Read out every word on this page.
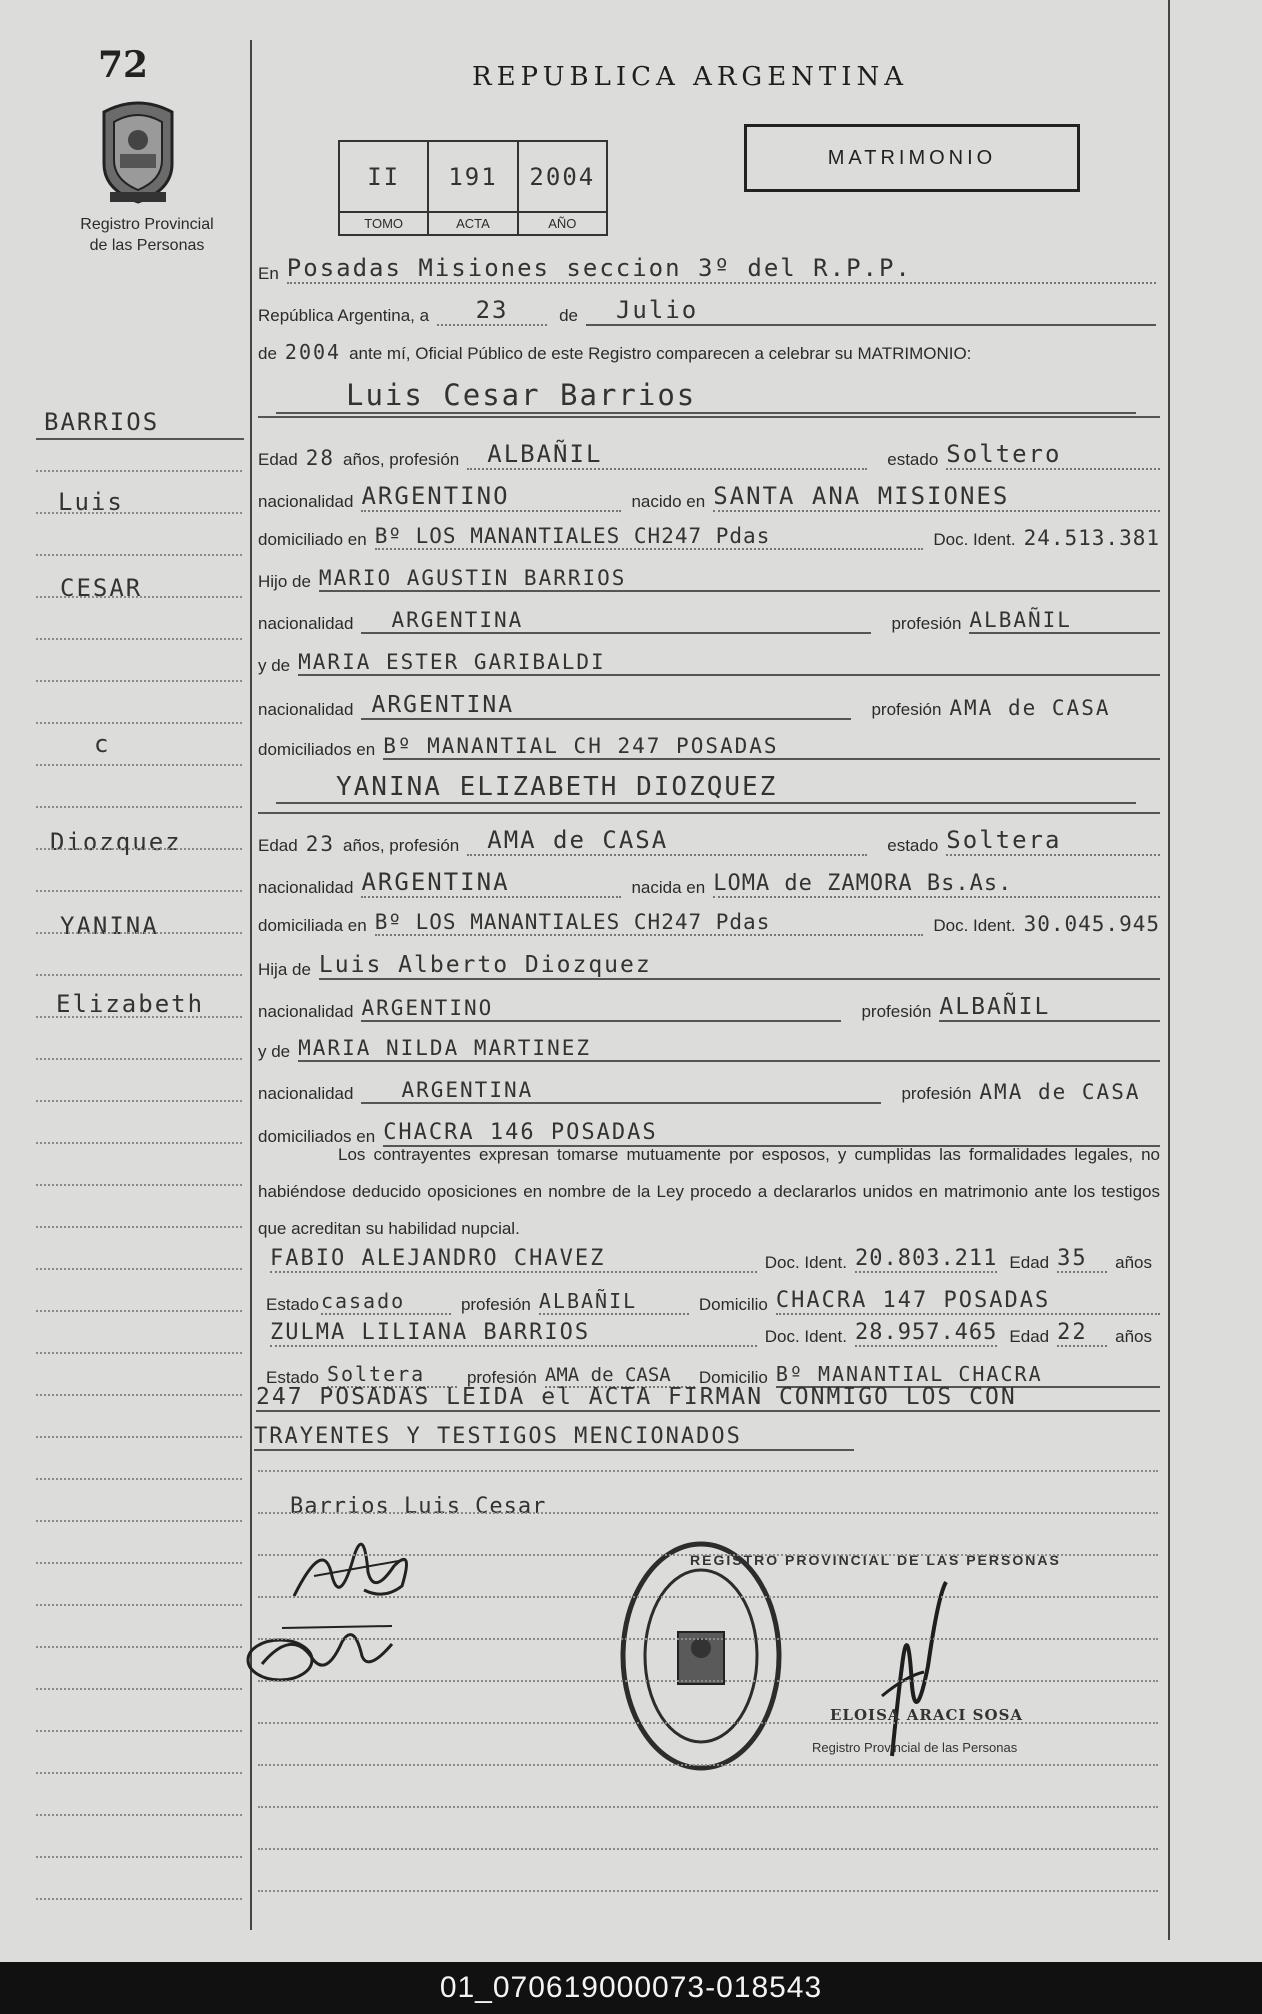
72
Registro Provincial
de las Personas
BARRIOS
Luis
CESAR
c
Diozquez
YANINA
Elizabeth
REPUBLICA ARGENTINA
II
TOMO
191
ACTA
2004
AÑO
MATRIMONIO
En Posadas Misiones seccion 3º del R.P.P.
República Argentina, a	23	de	Julio
de 2004 ante mí, Oficial Público de este Registro comparecen a celebrar su MATRIMONIO:
Luis Cesar Barrios
Edad 28 años, profesión	ALBAÑIL	estado Soltero
nacionalidad ARGENTINO	nacido en SANTA ANA MISIONES
domiciliado en Bº LOS MANANTIALES CH247 Pdas	Doc. Ident. 24.513.381
Hijo de MARIO AGUSTIN BARRIOS
nacionalidad	ARGENTINA	profesión ALBAÑIL
y de MARIA ESTER GARIBALDI
nacionalidad ARGENTINA	profesión AMA de CASA
domiciliados en Bº MANANTIAL CH 247 POSADAS
YANINA ELIZABETH DIOZQUEZ
Edad 23 años, profesión	AMA de CASA	estado Soltera
nacionalidad ARGENTINA	nacida en LOMA de ZAMORA Bs.As.
domiciliada en Bº LOS MANANTIALES CH247 Pdas	Doc. Ident. 30.045.945
Hija de Luis Alberto Diozquez
nacionalidad ARGENTINO	profesión ALBAÑIL
y de MARIA NILDA MARTINEZ
nacionalidad	ARGENTINA	profesión AMA de CASA
domiciliados en CHACRA 146 POSADAS
Los contrayentes expresan tomarse mutuamente por esposos, y cumplidas las formalidades legales, no habiéndose deducido oposiciones en nombre de la Ley procedo a declararlos unidos en matrimonio ante los testigos que acreditan su habilidad nupcial.
FABIO ALEJANDRO CHAVEZ	Doc. Ident. 20.803.211 Edad 35	años
Estado casado	profesión ALBAÑIL	Domicilio CHACRA 147 POSADAS
ZULMA LILIANA BARRIOS	Doc. Ident. 28.957.465 Edad 22	años
Estado Soltera	profesión AMA de CASA	Domicilio Bº MANANTIAL CHACRA
247 POSADAS LEIDA el ACTA FIRMAN CONMIGO LOS CON
TRAYENTES Y TESTIGOS MENCIONADOS
Barrios Luis Cesar
REGISTRO PROVINCIAL DE LAS PERSONAS
ELOISA ARACI SOSA
Registro Provincial de las Personas
01_070619000073-018543
